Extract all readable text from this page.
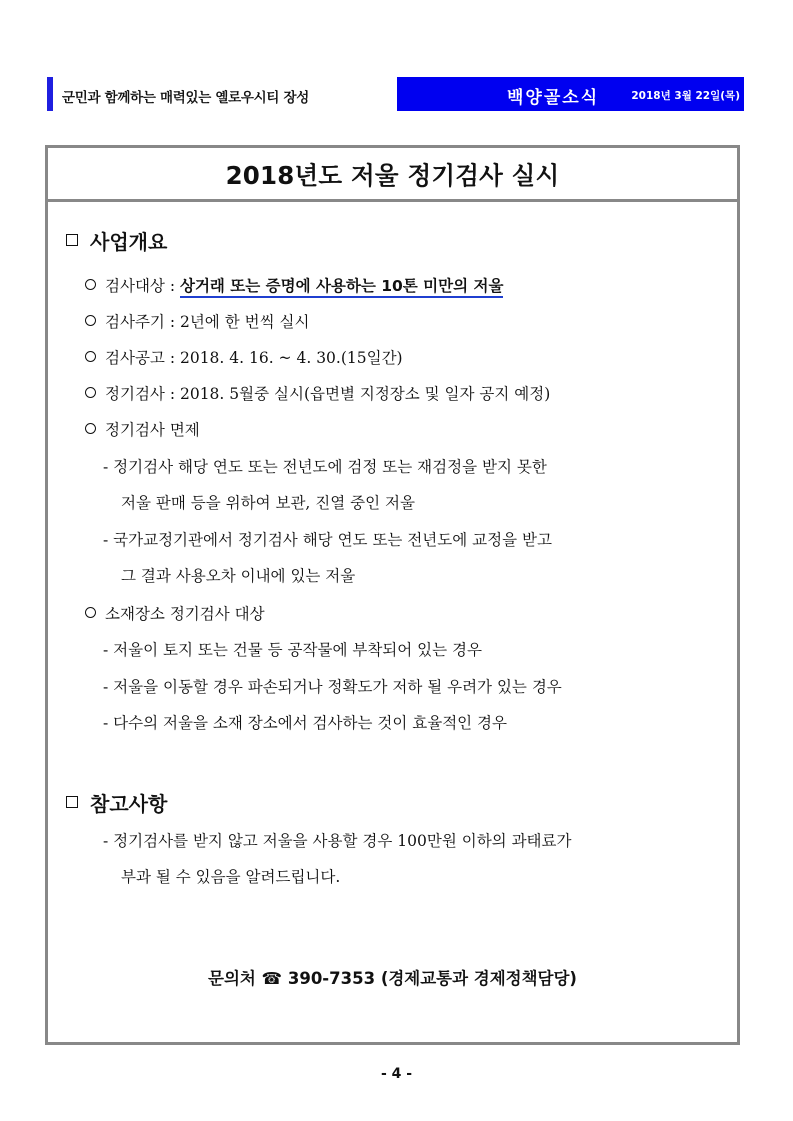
군민과 함께하는 매력있는 옐로우시티 장성	백양골소식	2018년 3월 22일(목)
2018년도 저울 정기검사 실시
사업개요
검사대상 : 상거래 또는 증명에 사용하는 10톤 미만의 저울
검사주기 : 2년에 한 번씩 실시
검사공고 : 2018. 4. 16. ~ 4. 30.(15일간)
정기검사 : 2018. 5월중 실시(읍면별 지정장소 및 일자 공지 예정)
정기검사 면제
- 정기검사 해당 연도 또는 전년도에 검정 또는 재검정을 받지 못한
저울 판매 등을 위하여 보관, 진열 중인 저울
- 국가교정기관에서 정기검사 해당 연도 또는 전년도에 교정을 받고
그 결과 사용오차 이내에 있는 저울
소재장소 정기검사 대상
- 저울이 토지 또는 건물 등 공작물에 부착되어 있는 경우
- 저울을 이동할 경우 파손되거나 정확도가 저하 될 우려가 있는 경우
- 다수의 저울을 소재 장소에서 검사하는 것이 효율적인 경우
참고사항
- 정기검사를 받지 않고 저울을 사용할 경우 100만원 이하의 과태료가
부과 될 수 있음을 알려드립니다.
문의처 ☎ 390-7353 (경제교통과 경제정책담당)
- 4 -
